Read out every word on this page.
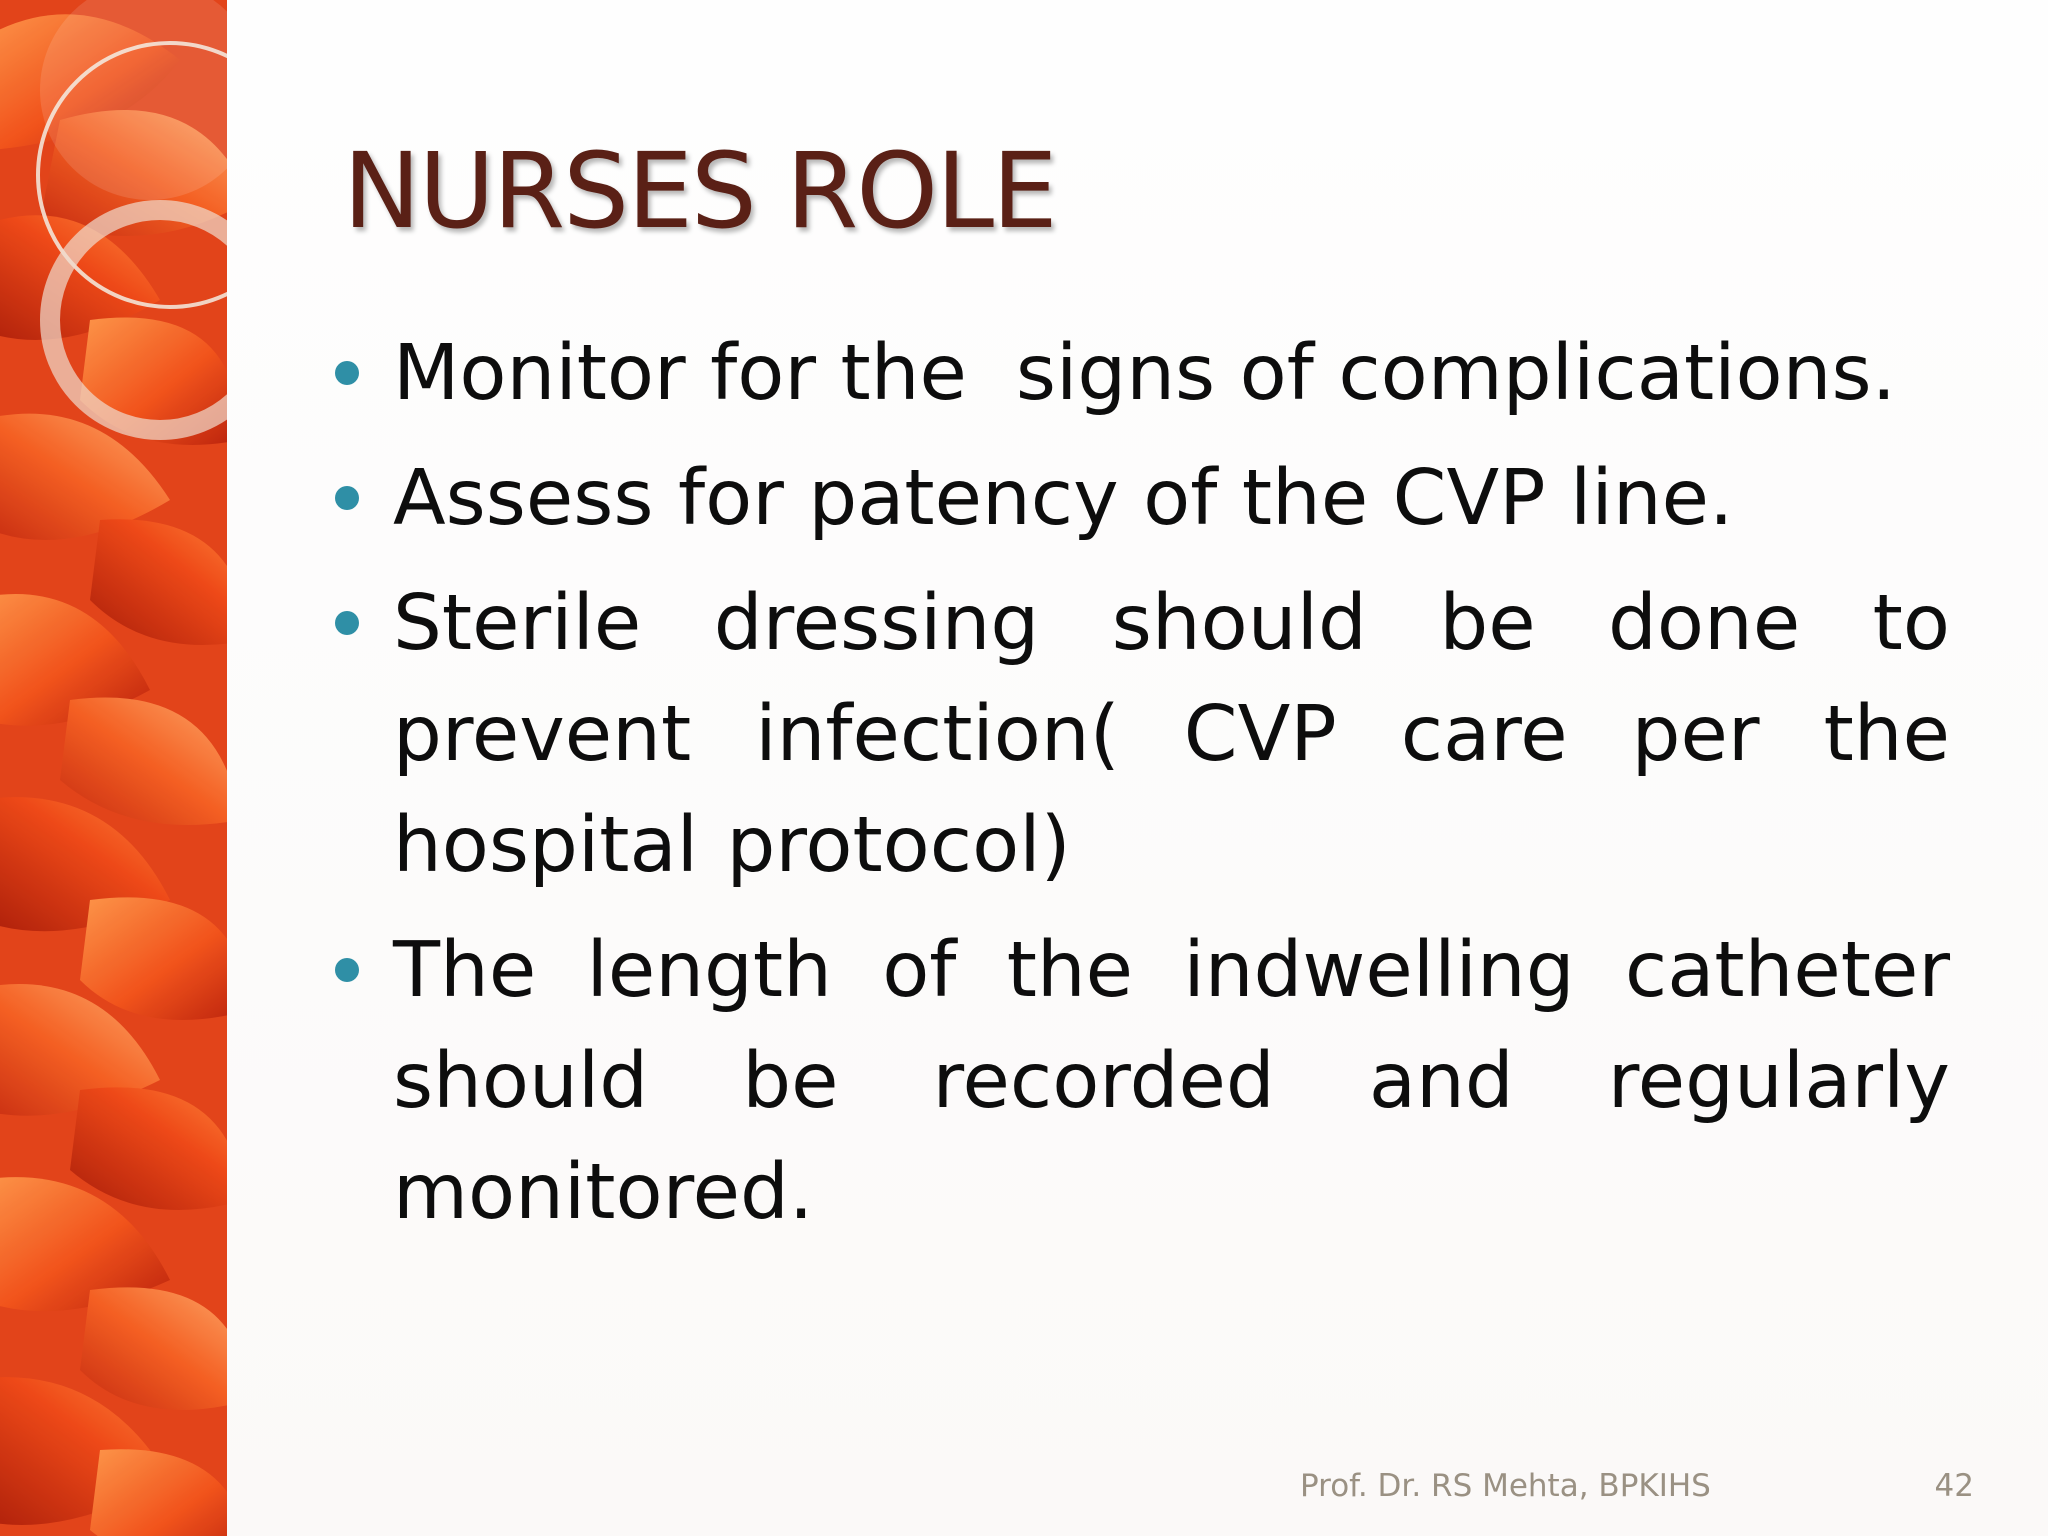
NURSES ROLE
Monitor for the  signs of complications.
Assess for patency of the CVP line.
Sterile dressing should be done to prevent infection( CVP care per the hospital protocol)
The length of the indwelling catheter should be recorded and regularly monitored.
Prof. Dr. RS Mehta, BPKIHS	42
